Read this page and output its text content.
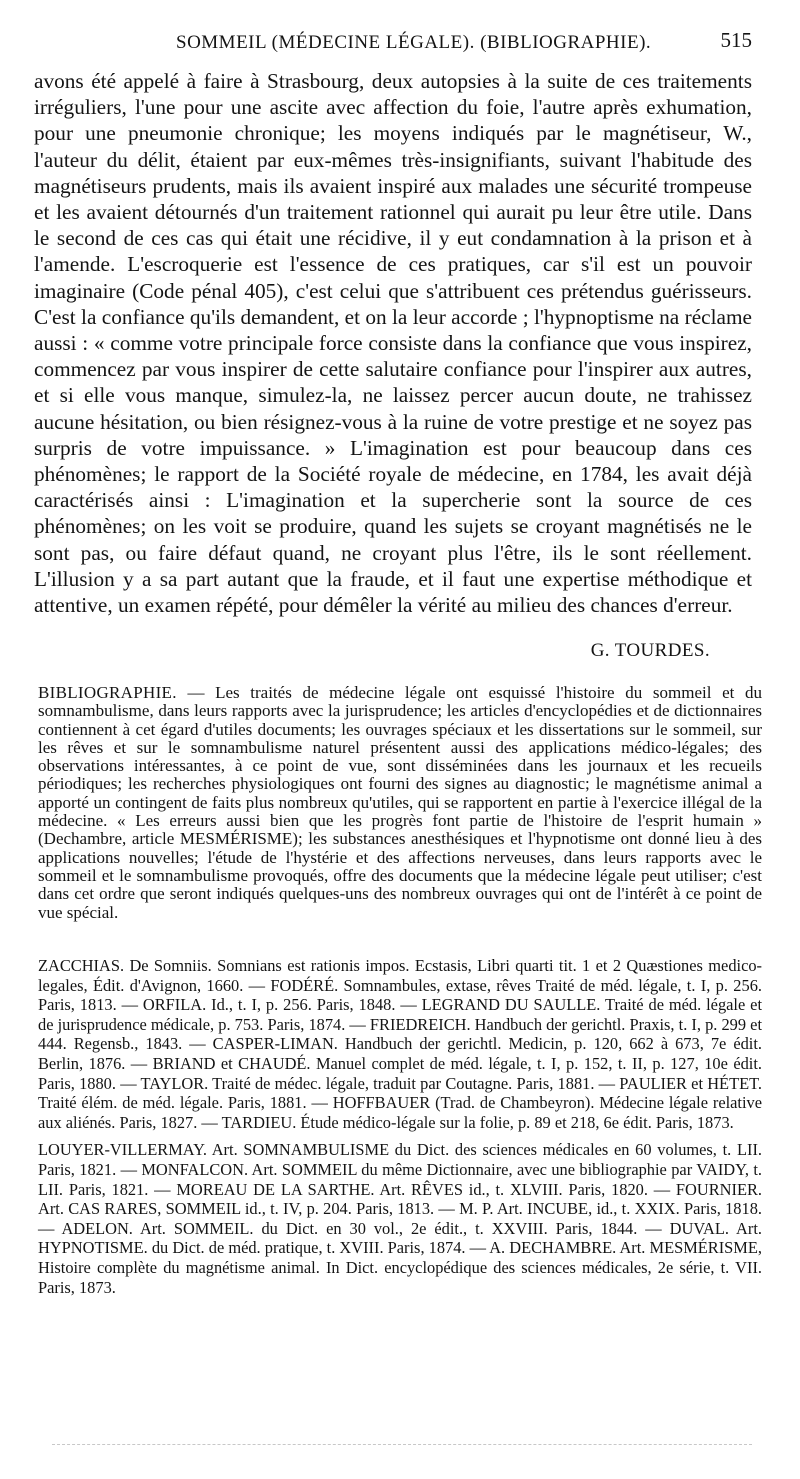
SOMMEIL (MÉDECINE LÉGALE). (BIBLIOGRAPHIE).	515

avons été appelé à faire à Strasbourg, deux autopsies à la suite de ces traitements irréguliers, l'une pour une ascite avec affection du foie, l'autre après exhumation, pour une pneumonie chronique; les moyens indiqués par le magnétiseur, W., l'auteur du délit, étaient par eux-mêmes très-insignifiants, suivant l'habitude des magnétiseurs prudents, mais ils avaient inspiré aux malades une sécurité trompeuse et les avaient détournés d'un traitement rationnel qui aurait pu leur être utile. Dans le second de ces cas qui était une récidive, il y eut condamnation à la prison et à l'amende. L'escroquerie est l'essence de ces pratiques, car s'il est un pouvoir imaginaire (Code pénal 405), c'est celui que s'attribuent ces prétendus guérisseurs. C'est la confiance qu'ils demandent, et on la leur accorde ; l'hypnoptisme na réclame aussi : « comme votre principale force consiste dans la confiance que vous inspirez, commencez par vous inspirer de cette salutaire confiance pour l'inspirer aux autres, et si elle vous manque, simulez-la, ne laissez percer aucun doute, ne trahissez aucune hésitation, ou bien résignez-vous à la ruine de votre prestige et ne soyez pas surpris de votre impuissance. » L'imagination est pour beaucoup dans ces phénomènes; le rapport de la Société royale de médecine, en 1784, les avait déjà caractérisés ainsi : L'imagination et la supercherie sont la source de ces phénomènes; on les voit se produire, quand les sujets se croyant magnétisés ne le sont pas, ou faire défaut quand, ne croyant plus l'être, ils le sont réellement. L'illusion y a sa part autant que la fraude, et il faut une expertise méthodique et attentive, un examen répété, pour démêler la vérité au milieu des chances d'erreur.

G. TOURDES.

BIBLIOGRAPHIE. — Les traités de médecine légale ont esquissé l'histoire du sommeil et du somnambulisme, dans leurs rapports avec la jurisprudence; les articles d'encyclopédies et de dictionnaires contiennent à cet égard d'utiles documents; les ouvrages spéciaux et les dissertations sur le sommeil, sur les rêves et sur le somnambulisme naturel présentent aussi des applications médico-légales; des observations intéressantes, à ce point de vue, sont disséminées dans les journaux et les recueils périodiques; les recherches physiologiques ont fourni des signes au diagnostic; le magnétisme animal a apporté un contingent de faits plus nombreux qu'utiles, qui se rapportent en partie à l'exercice illégal de la médecine. « Les erreurs aussi bien que les progrès font partie de l'histoire de l'esprit humain » (Dechambre, article MESMÉRISME); les substances anesthésiques et l'hypnotisme ont donné lieu à des applications nouvelles; l'étude de l'hystérie et des affections nerveuses, dans leurs rapports avec le sommeil et le somnambulisme provoqués, offre des documents que la médecine légale peut utiliser; c'est dans cet ordre que seront indiqués quelques-uns des nombreux ouvrages qui ont de l'intérêt à ce point de vue spécial.

ZACCHIAS. De Somniis. Somnians est rationis impos. Ecstasis, Libri quarti tit. 1 et 2 Quæstiones medico-legales, Édit. d'Avignon, 1660. — FODÉRÉ. Somnambules, extase, rêves Traité de méd. légale, t. I, p. 256. Paris, 1813. — ORFILA. Id., t. I, p. 256. Paris, 1848. — LEGRAND DU SAULLE. Traité de méd. légale et de jurisprudence médicale, p. 753. Paris, 1874. — FRIEDREICH. Handbuch der gerichtl. Praxis, t. I, p. 299 et 444. Regensb., 1843. — CASPER-LIMAN. Handbuch der gerichtl. Medicin, p. 120, 662 à 673, 7e édit. Berlin, 1876. — BRIAND et CHAUDÉ. Manuel complet de méd. légale, t. I, p. 152, t. II, p. 127, 10e édit. Paris, 1880. — TAYLOR. Traité de médec. légale, traduit par Coutagne. Paris, 1881. — PAULIER et HÉTET. Traité élém. de méd. légale. Paris, 1881. — HOFFBAUER (Trad. de Chambeyron). Médecine légale relative aux aliénés. Paris, 1827. — TARDIEU. Étude médico-légale sur la folie, p. 89 et 218, 6e édit. Paris, 1873.

LOUYER-VILLERMAY. Art. SOMNAMBULISME du Dict. des sciences médicales en 60 volumes, t. LII. Paris, 1821. — MONFALCON. Art. SOMMEIL du même Dictionnaire, avec une bibliographie par VAIDY, t. LII. Paris, 1821. — MOREAU DE LA SARTHE. Art. RÊVES id., t. XLVIII. Paris, 1820. — FOURNIER. Art. CAS RARES, SOMMEIL id., t. IV, p. 204. Paris, 1813. — M. P. Art. INCUBE, id., t. XXIX. Paris, 1818. — ADELON. Art. SOMMEIL. du Dict. en 30 vol., 2e édit., t. XXVIII. Paris, 1844. — DUVAL. Art. HYPNOTISME. du Dict. de méd. pratique, t. XVIII. Paris, 1874. — A. DECHAMBRE. Art. MESMÉRISME, Histoire complète du magnétisme animal. In Dict. encyclopédique des sciences médicales, 2e série, t. VII. Paris, 1873.
